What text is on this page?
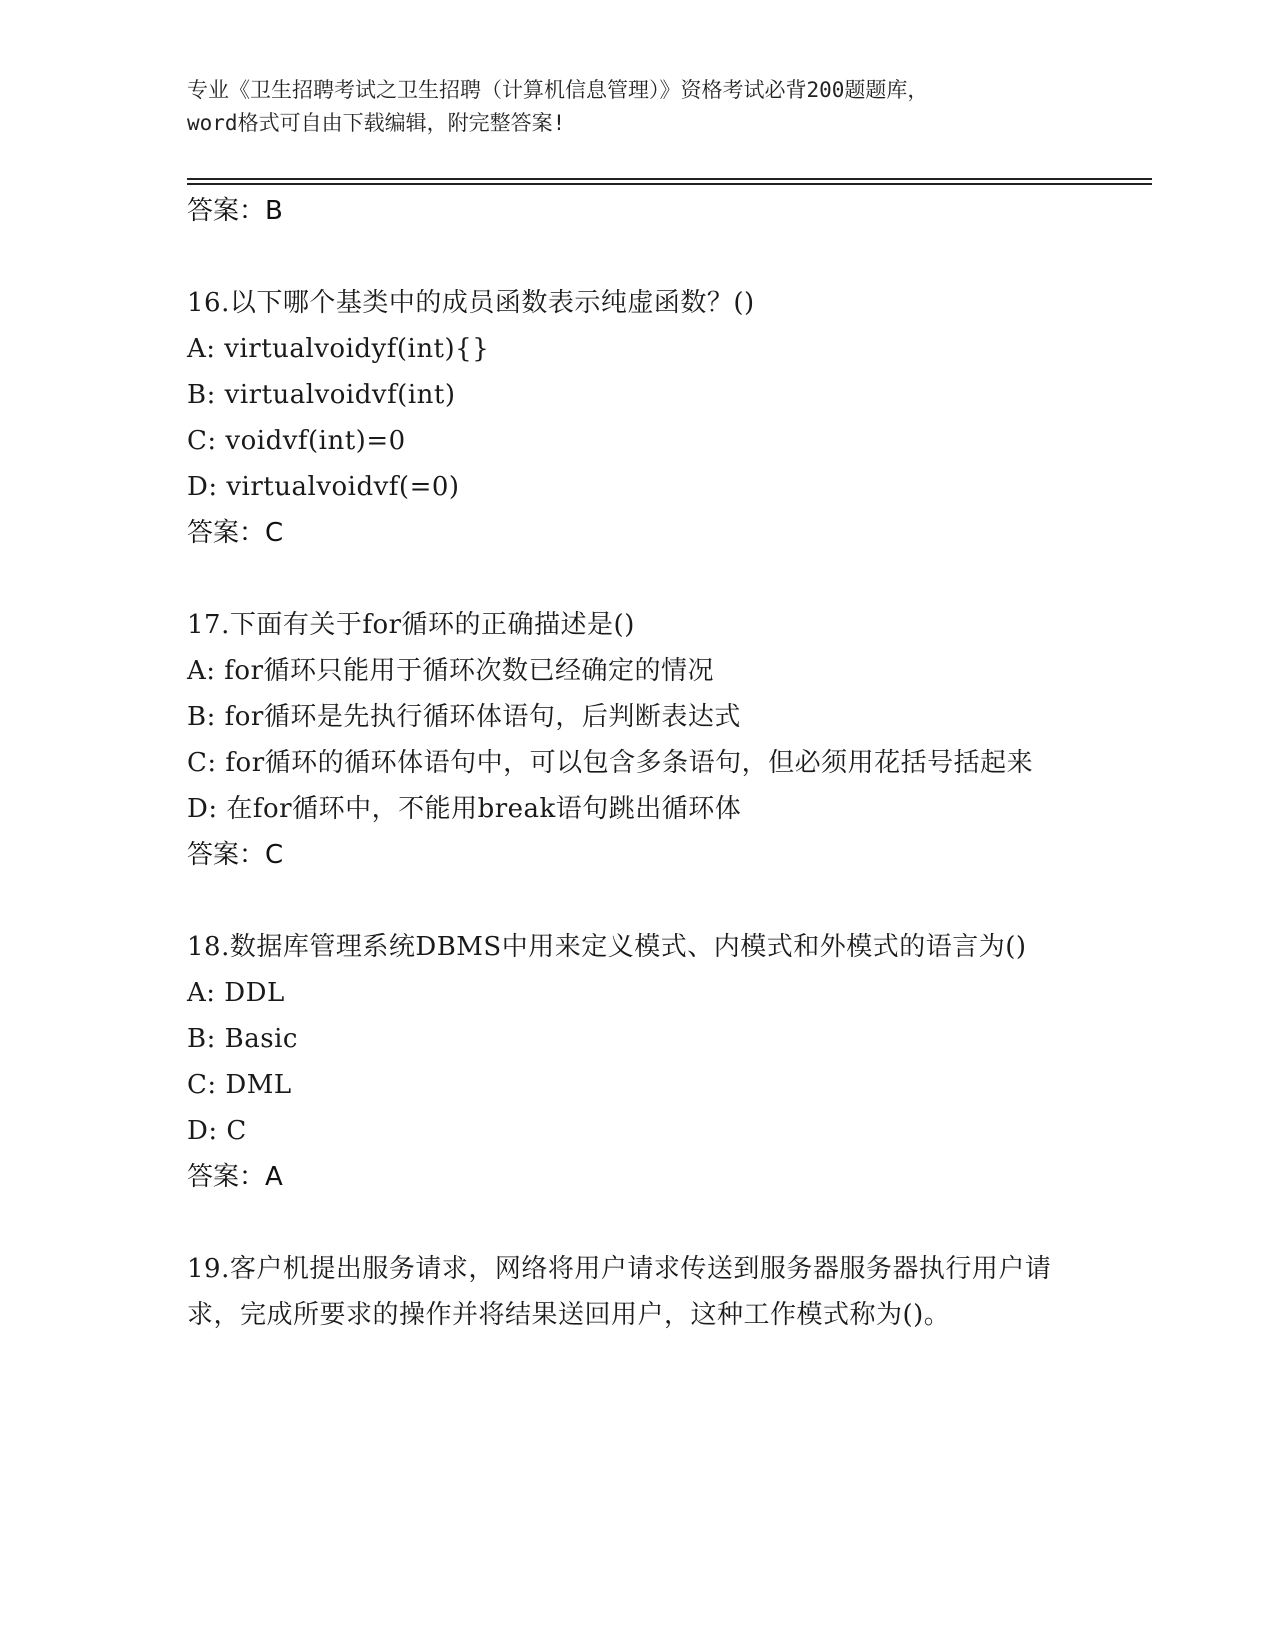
专业《卫生招聘考试之卫生招聘（计算机信息管理）》资格考试必背200题题库，
word格式可自由下载编辑，附完整答案!
答案：B
16.以下哪个基类中的成员函数表示纯虚函数？()
A: virtualvoidyf(int){}
B: virtualvoidvf(int)
C: voidvf(int)=0
D: virtualvoidvf(=0)
答案：C
17.下面有关于for循环的正确描述是()
A: for循环只能用于循环次数已经确定的情况
B: for循环是先执行循环体语句，后判断表达式
C: for循环的循环体语句中，可以包含多条语句，但必须用花括号括起来
D: 在for循环中，不能用break语句跳出循环体
答案：C
18.数据库管理系统DBMS中用来定义模式、内模式和外模式的语言为()
A: DDL
B: Basic
C: DML
D: C
答案：A
19.客户机提出服务请求，网络将用户请求传送到服务器服务器执行用户请求，完成所要求的操作并将结果送回用户，这种工作模式称为()。
